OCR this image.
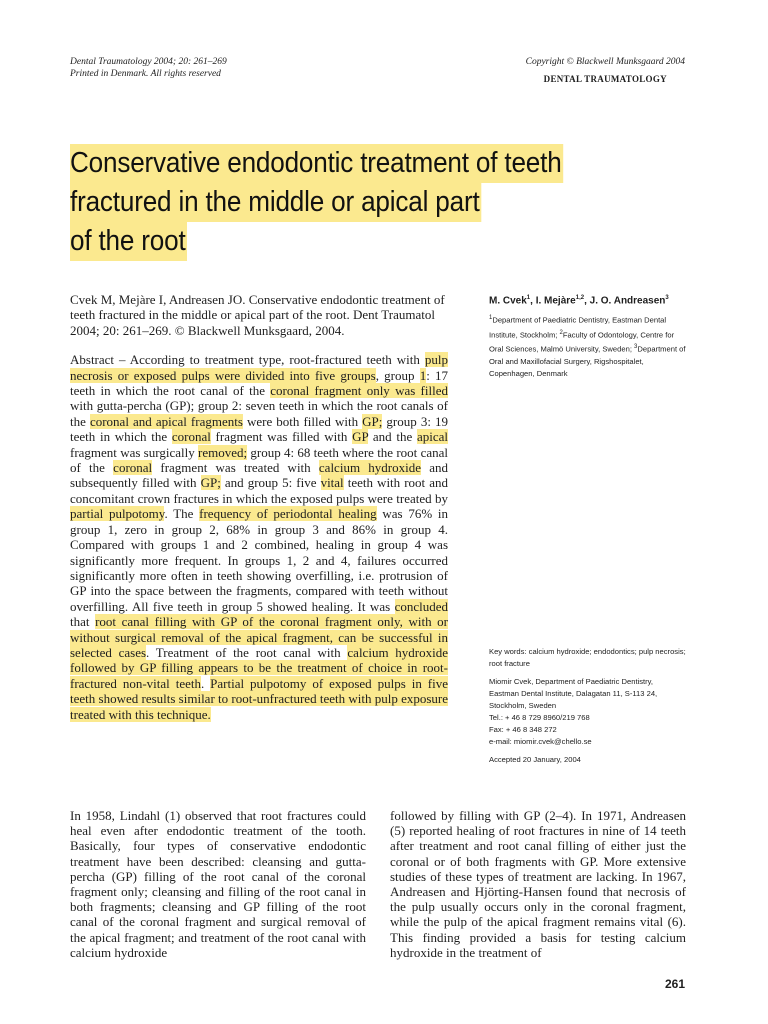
Dental Traumatology 2004; 20: 261–269
Printed in Denmark. All rights reserved
Copyright © Blackwell Munksgaard 2004
DENTAL TRAUMATOLOGY
Conservative endodontic treatment of teeth
fractured in the middle or apical part
of the root

Cvek M, Mejàre I, Andreasen JO. Conservative endodontic treatment of teeth fractured in the middle or apical part of the root. Dent Traumatol 2004; 20: 261–269. © Blackwell Munksgaard, 2004.

Abstract – According to treatment type, root-fractured teeth with pulp necrosis or exposed pulps were divided into five groups, group 1: 17 teeth in which the root canal of the coronal fragment only was filled with gutta-percha (GP); group 2: seven teeth in which the root canals of the coronal and apical fragments were both filled with GP; group 3: 19 teeth in which the coronal fragment was filled with GP and the apical fragment was surgically removed; group 4: 68 teeth where the root canal of the coronal fragment was treated with calcium hydroxide and subsequently filled with GP; and group 5: five vital teeth with root and concomitant crown fractures in which the exposed pulps were treated by partial pulpotomy. The frequency of periodontal healing was 76% in group 1, zero in group 2, 68% in group 3 and 86% in group 4. Compared with groups 1 and 2 combined, healing in group 4 was significantly more frequent. In groups 1, 2 and 4, failures occurred significantly more often in teeth showing overfilling, i.e. protrusion of GP into the space between the fragments, compared with teeth without overfilling. All five teeth in group 5 showed healing. It was concluded that root canal filling with GP of the coronal fragment only, with or without surgical removal of the apical fragment, can be successful in selected cases. Treatment of the root canal with calcium hydroxide followed by GP filling appears to be the treatment of choice in root-fractured non-vital teeth. Partial pulpotomy of exposed pulps in five teeth showed results similar to root-unfractured teeth with pulp exposure treated with this technique.

M. Cvek$^1$, I. Mejàre$^{1,2}$, J. O. Andreasen$^3$
$^1$Department of Paediatric Dentistry, Eastman Dental Institute, Stockholm; $^2$Faculty of Odontology, Centre for Oral Sciences, Malmö University, Sweden; $^3$Department of Oral and Maxillofacial Surgery, Rigshospitalet, Copenhagen, Denmark

Key words: calcium hydroxide; endodontics; pulp necrosis; root fracture

Miomir Cvek, Department of Paediatric Dentistry,
Eastman Dental Institute, Dalagatan 11, S-113 24,
Stockholm, Sweden
Tel.: + 46 8 729 8960/219 768
Fax: + 46 8 348 272
e-mail: miomir.cvek@chello.se

Accepted 20 January, 2004

In 1958, Lindahl (1) observed that root fractures could heal even after endodontic treatment of the tooth. Basically, four types of conservative endodontic treatment have been described: cleansing and gutta-percha (GP) filling of the root canal of the coronal fragment only; cleansing and filling of the root canal in both fragments; cleansing and GP filling of the root canal of the coronal fragment and surgical removal of the apical fragment; and treatment of the root canal with calcium hydroxide
followed by filling with GP (2–4). In 1971, Andreasen (5) reported healing of root fractures in nine of 14 teeth after treatment and root canal filling of either just the coronal or of both fragments with GP. More extensive studies of these types of treatment are lacking. In 1967, Andreasen and Hjörting-Hansen found that necrosis of the pulp usually occurs only in the coronal fragment, while the pulp of the apical fragment remains vital (6). This finding provided a basis for testing calcium hydroxide in the treatment of
261
